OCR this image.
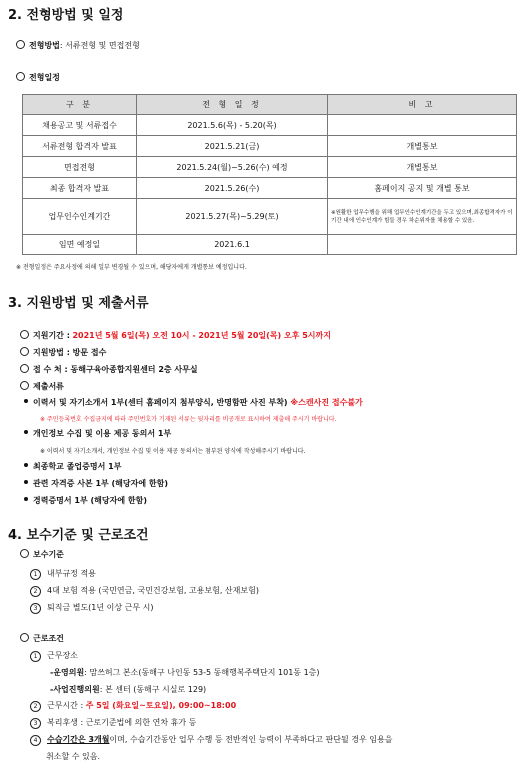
2. 전형방법 및 일정
전형방법: 서류전형 및 면접전형
전형일정
구 분	전 형 일 정	비 고
채용공고 및 서류접수	2021.5.6(목) - 5.20(목)	
서류전형 합격자 발표	2021.5.21(금)	개별통보
면접전형	2021.5.24(월)~5.26(수) 예정	개별통보
최종 합격자 발표	2021.5.26(수)	홈페이지 공지 및 개별 통보
업무인수인계기간	2021.5.27(목)~5.29(토)	※원활한 업무수행을 위해 업무인수인계기간을 두고 있으며,최종합격자가 이 기간 내에 인수인계가 힘들 경우 차순위자를 채용할 수 있음.
임면 예정일	2021.6.1	
※ 전형일정은 주요사정에 의해 일부 변경될 수 있으며, 해당자에게 개별통보 예정입니다.
3. 지원방법 및 제출서류
지원기간 : 2021년 5월 6일(목) 오전 10시 - 2021년 5월 20일(목) 오후 5시까지
지원방법 : 방문 접수
접 수 처 : 동해구육아종합지원센터 2층 사무실
제출서류
이력서 및 자기소개서 1부(센터 홈페이지 첨부양식, 반명함판 사진 부착) ※스캔사진 접수불가
※ 주민등록번호 수집금지에 따라 주민번호가 기재된 서류는 뒷자리를 비공개로 표시하여 제출해 주시기 바랍니다.
개인정보 수집 및 이용 제공 동의서 1부
※ 이력서 및 자기소개서, 개인정보 수집 및 이용 제공 동의서는 첨부된 양식에 작성해주시기 바랍니다.
최종학교 졸업증명서 1부
관련 자격증 사본 1부 (해당자에 한함)
경력증명서 1부 (해당자에 한함)
4. 보수기준 및 근로조건
보수기준
1 내부규정 적용
2 4대 보험 적용 (국민연금, 국민건강보험, 고용보험, 산재보험)
3 퇴직금 별도(1년 이상 근무 시)
근로조건
1 근무장소
-운영의원: 맘쓰허그 본소(동해구 나인동 53-5 동해행복주택단지 101동 1층)
-사업진행의원: 본 센터 (동해구 시실로 129)
2 근무시간 : 주 5일 (화요일~토요일), 09:00~18:00
3 복리후생 : 근로기준법에 의한 연차 휴가 등
4 수습기간은 3개월이며, 수습기간동안 업무 수행 등 전반적인 능력이 부족하다고 판단될 경우 임용을
취소할 수 있음.
